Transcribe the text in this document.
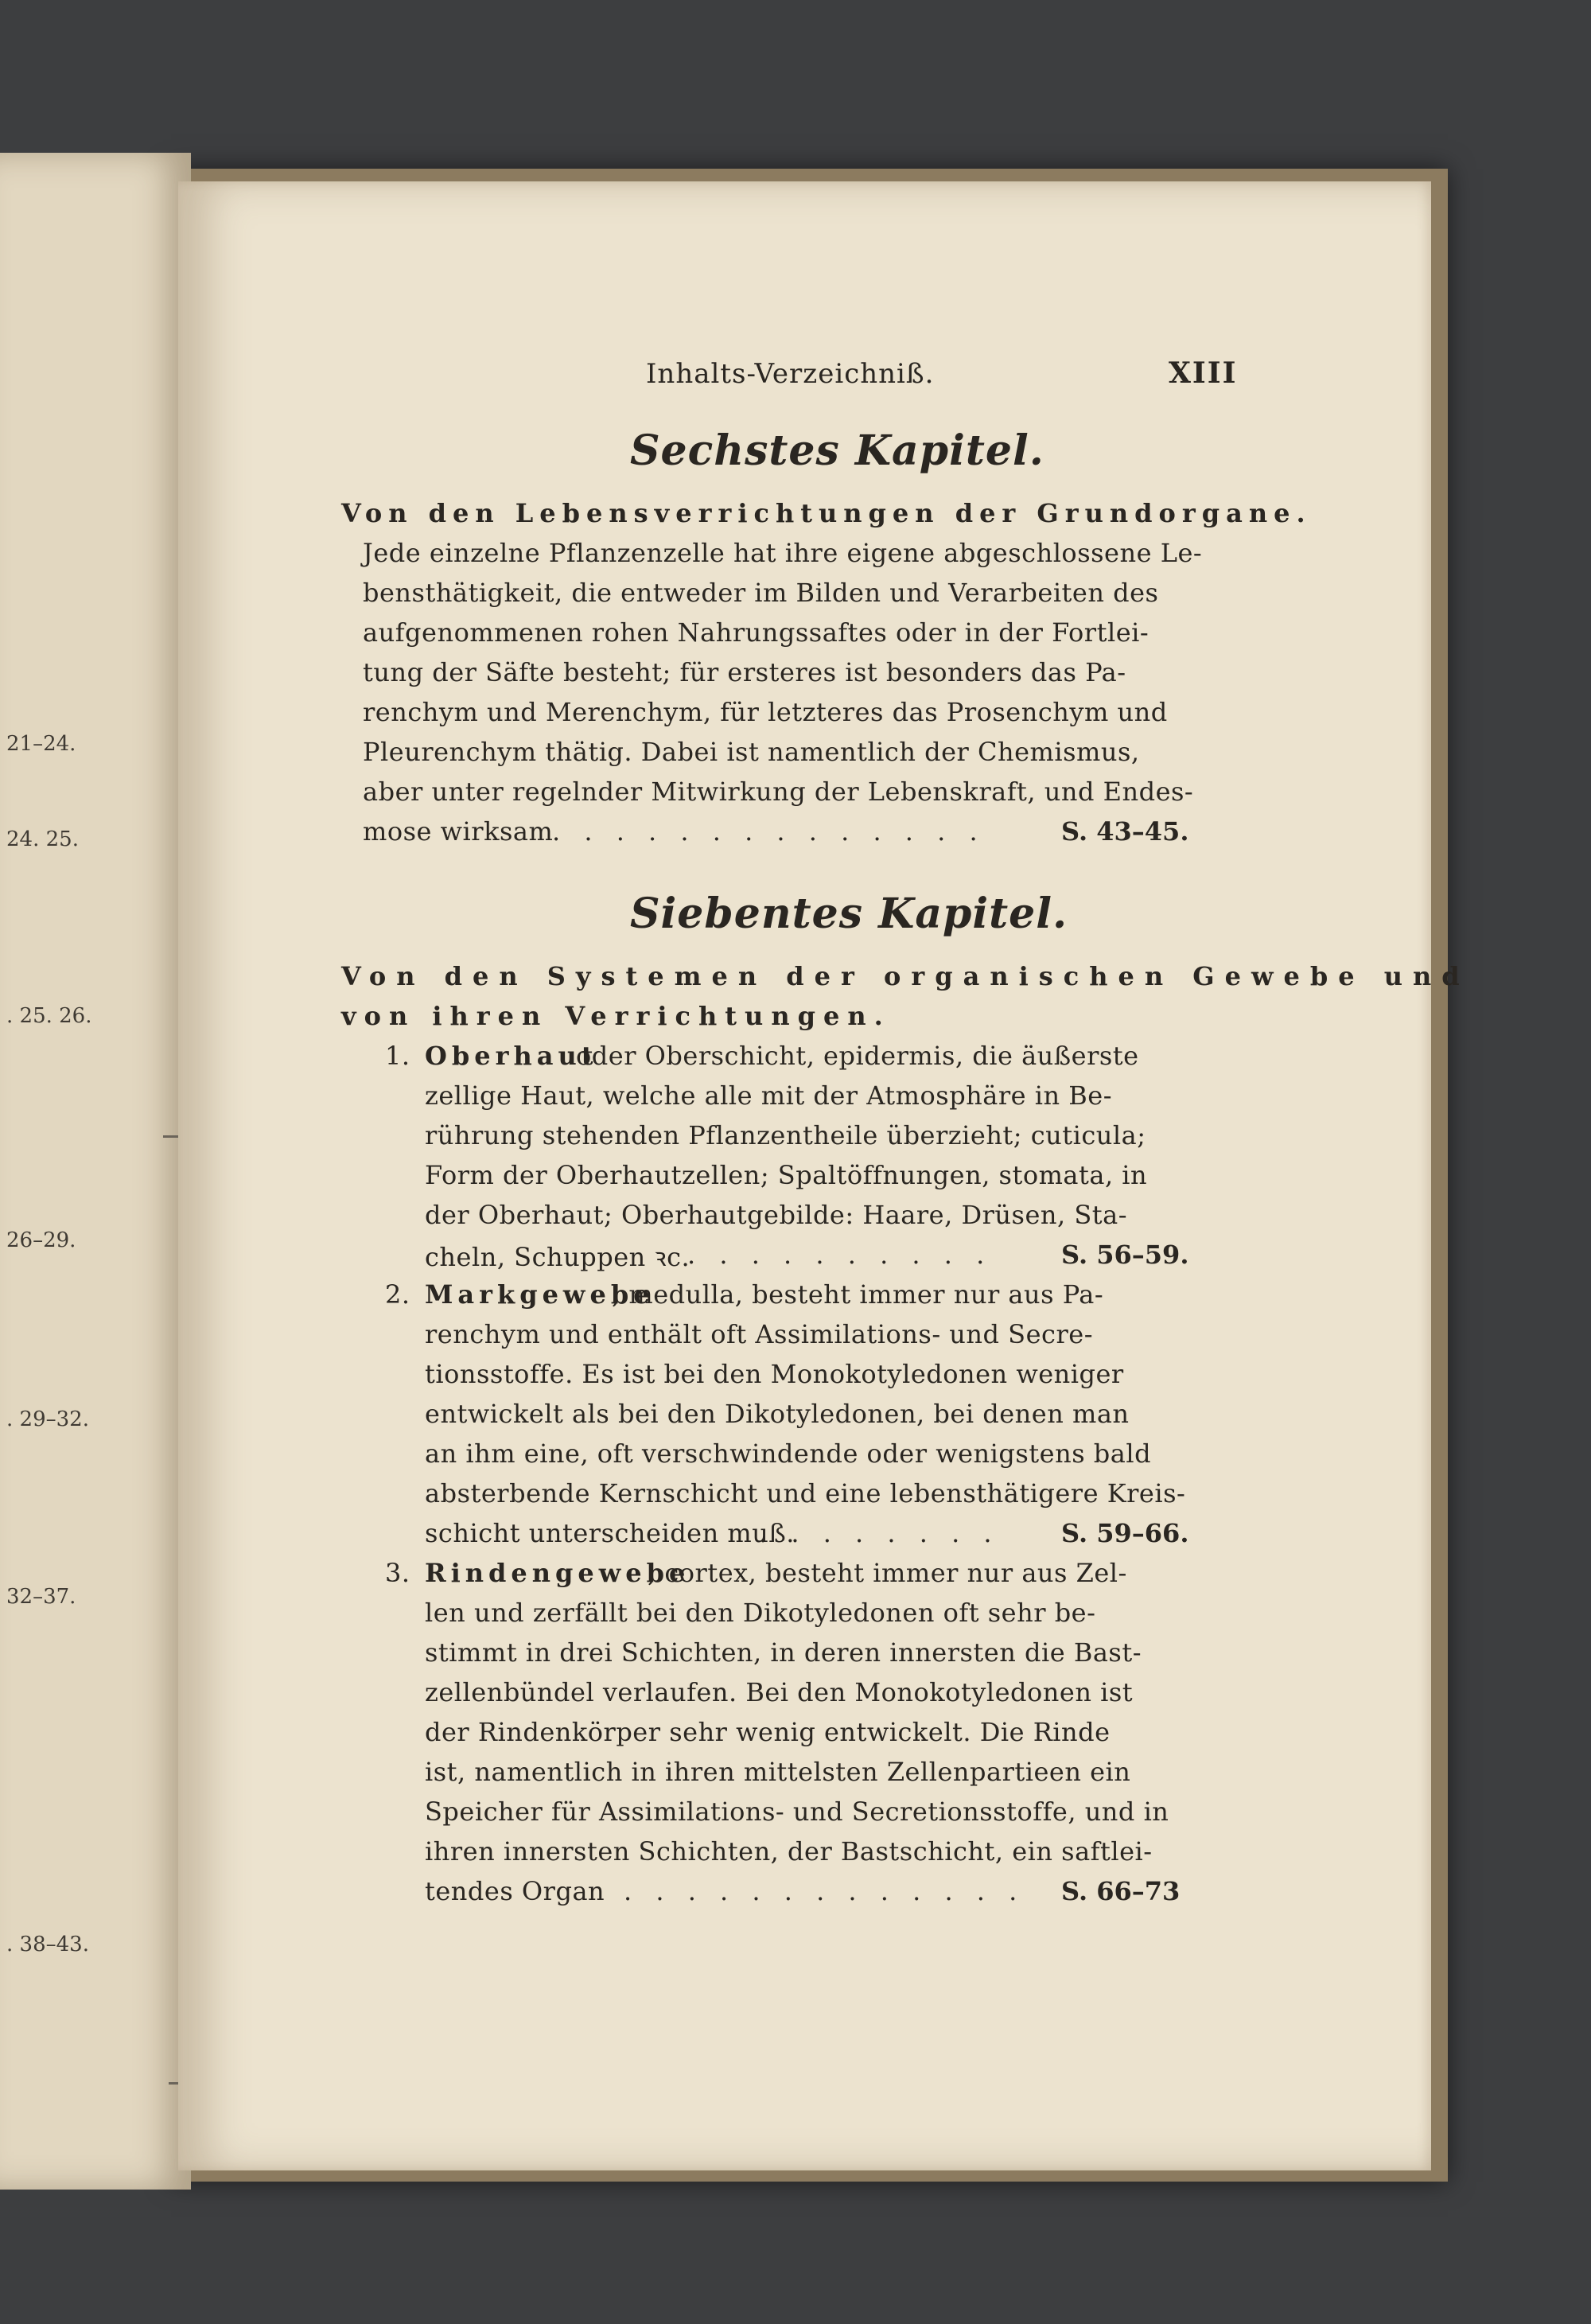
21–24.
24. 25.
. 25. 26.
26–29.
. 29–32.
32–37.
. 38–43.
Inhalts-Verzeichniß.	XIII
Sechstes Kapitel.
Von den Lebensverrichtungen der Grundorgane.
Jede einzelne Pflanzenzelle hat ihre eigene abgeschlossene Le-
bensthätigkeit, die entweder im Bilden und Verarbeiten des
aufgenommenen rohen Nahrungssaftes oder in der Fortlei-
tung der Säfte besteht; für ersteres ist besonders das Pa-
renchym und Merenchym, für letzteres das Prosenchym und
Pleurenchym thätig. Dabei ist namentlich der Chemismus,
aber unter regelnder Mitwirkung der Lebenskraft, und Endes-
mose wirksam
. . . . . . . . . . . . . .	S. 43–45.
Siebentes Kapitel.
Von den Systemen der organischen Gewebe und
von ihren Verrichtungen.
1. Oberhaut
oder Oberschicht, epidermis, die äußerste
zellige Haut, welche alle mit der Atmosphäre in Be-
rührung stehenden Pflanzentheile überzieht; cuticula;
Form der Oberhautzellen; Spaltöffnungen, stomata, in
der Oberhaut; Oberhautgebilde: Haare, Drüsen, Sta-
cheln, Schuppen ꝛc.
. . . . . . . . . .	S. 56–59.
2. Markgewebe
, medulla, besteht immer nur aus Pa-
renchym und enthält oft Assimilations- und Secre-
tionsstoffe. Es ist bei den Monokotyledonen weniger
entwickelt als bei den Dikotyledonen, bei denen man
an ihm eine, oft verschwindende oder wenigstens bald
absterbende Kernschicht und eine lebensthätigere Kreis-
schicht unterscheiden muß.
. . . . . . . . S. 59–66.
3. Rindengewebe
, cortex, besteht immer nur aus Zel-
len und zerfällt bei den Dikotyledonen oft sehr be-
stimmt in drei Schichten, in deren innersten die Bast-
zellenbündel verlaufen. Bei den Monokotyledonen ist
der Rindenkörper sehr wenig entwickelt. Die Rinde
ist, namentlich in ihren mittelsten Zellenpartieen ein
Speicher für Assimilations- und Secretionsstoffe, und in
ihren innersten Schichten, der Bastschicht, ein saftlei-
tendes Organ . . . . . . . . . . . . . S. 66–73
